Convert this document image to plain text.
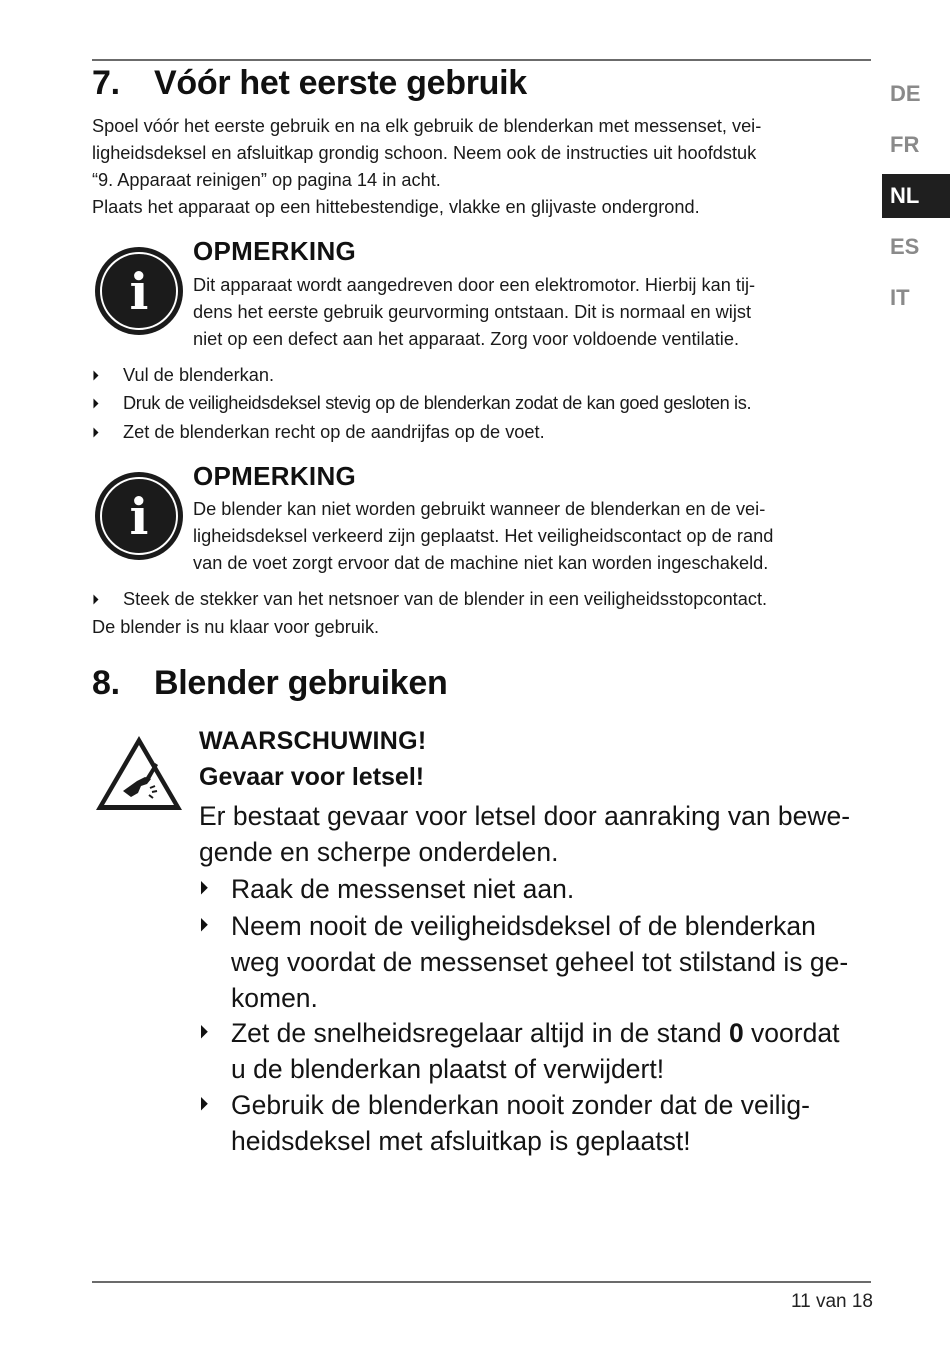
7. Vóór het eerste gebruik

Spoel vóór het eerste gebruik en na elk gebruik de blenderkan met messenset, vei-
ligheidsdeksel en afsluitkap grondig schoon. Neem ook de instructies uit hoofdstuk
“9. Apparaat reinigen” op pagina 14 in acht.
Plaats het apparaat op een hittebestendige, vlakke en glijvaste ondergrond.

i
OPMERKING

Dit apparaat wordt aangedreven door een elektromotor. Hierbij kan tij-
dens het eerste gebruik geurvorming ontstaan. Dit is normaal en wijst
niet op een defect aan het apparaat. Zorg voor voldoende ventilatie.

⏵ Vul de blenderkan.

⏵ Druk de veiligheidsdeksel stevig op de blenderkan zodat de kan goed gesloten is.

⏵ Zet de blenderkan recht op de aandrijfas op de voet.

i
OPMERKING

De blender kan niet worden gebruikt wanneer de blenderkan en de vei-
ligheidsdeksel verkeerd zijn geplaatst. Het veiligheidscontact op de rand
van de voet zorgt ervoor dat de machine niet kan worden ingeschakeld.

⏵ Steek de stekker van het netsnoer van de blender in een veiligheidsstopcontact.

De blender is nu klaar voor gebruik.

8. Blender gebruiken
WAARSCHUWING!
Gevaar voor letsel!

Er bestaat gevaar voor letsel door aanraking van bewe-
gende en scherpe onderdelen.

⏵ Raak de messenset niet aan.
⏵ Neem nooit de veiligheidsdeksel of de blenderkan
weg voordat de messenset geheel tot stilstand is ge-
komen.
⏵ Zet de snelheidsregelaar altijd in de stand 0 voordat
u de blenderkan plaatst of verwijdert!
⏵ Gebruik de blenderkan nooit zonder dat de veilig-
heidsdeksel met afsluitkap is geplaatst!
DE
FR
NL
ES
IT

11 van 18
